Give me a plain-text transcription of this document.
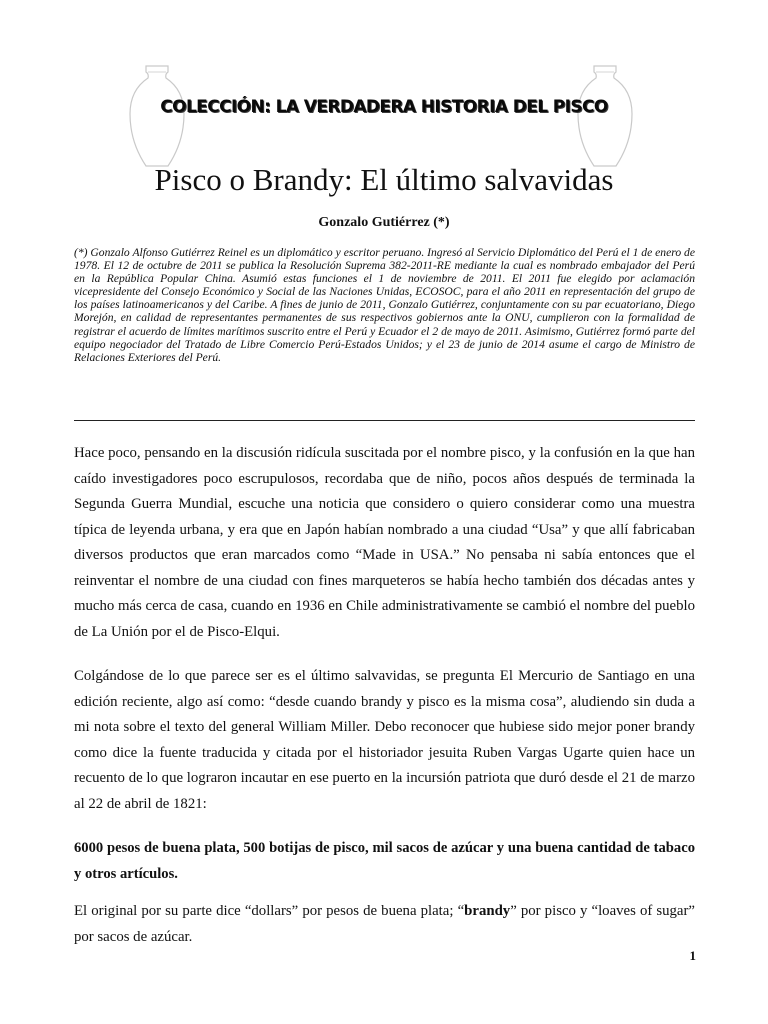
COLECCIÓN: LA VERDADERA HISTORIA DEL PISCO
Pisco o Brandy: El último salvavidas
Gonzalo Gutiérrez (*)
(*) Gonzalo Alfonso Gutiérrez Reinel es un diplomático y escritor peruano. Ingresó al Servicio Diplomático del Perú el 1 de enero de 1978. El 12 de octubre de 2011 se publica la Resolución Suprema 382-2011-RE mediante la cual es nombrado embajador del Perú en la República Popular China. Asumió estas funciones el 1 de noviembre de 2011. El 2011 fue elegido por aclamación vicepresidente del Consejo Económico y Social de las Naciones Unidas, ECOSOC, para el año 2011 en representación del grupo de los países latinoamericanos y del Caribe. A fines de junio de 2011, Gonzalo Gutiérrez, conjuntamente con su par ecuatoriano, Diego Morejón, en calidad de representantes permanentes de sus respectivos gobiernos ante la ONU, cumplieron con la formalidad de registrar el acuerdo de límites marítimos suscrito entre el Perú y Ecuador el 2 de mayo de 2011. Asimismo, Gutiérrez formó parte del equipo negociador del Tratado de Libre Comercio Perú-Estados Unidos; y el 23 de junio de 2014 asume el cargo de Ministro de Relaciones Exteriores del Perú.
Hace poco, pensando en la discusión ridícula suscitada por el nombre pisco, y la confusión en la que han caído investigadores poco escrupulosos, recordaba que de niño, pocos años después de terminada la Segunda Guerra Mundial, escuche una noticia que considero o quiero considerar como una muestra típica de leyenda urbana, y era que en Japón habían nombrado a una ciudad “Usa” y que allí fabricaban diversos productos que eran marcados como “Made in USA.” No pensaba ni sabía entonces que el reinventar el nombre de una ciudad con fines marqueteros se había hecho también dos décadas antes y mucho más cerca de casa, cuando en 1936 en Chile administrativamente se cambió el nombre del pueblo de La Unión por el de Pisco-Elqui.
Colgándose de lo que parece ser es el último salvavidas, se pregunta El Mercurio de Santiago en una edición reciente, algo así como: “desde cuando brandy y pisco es la misma cosa”, aludiendo sin duda a mi nota sobre el texto del general William Miller. Debo reconocer que hubiese sido mejor poner brandy como dice la fuente traducida y citada por el historiador jesuita Ruben Vargas Ugarte quien hace un recuento de lo que lograron incautar en ese puerto en la incursión patriota que duró desde el 21 de marzo al 22 de abril de 1821:
6000 pesos de buena plata, 500 botijas de pisco, mil sacos de azúcar y una buena cantidad de tabaco y otros artículos.
El original por su parte dice “dollars” por pesos de buena plata; “brandy” por pisco y “loaves of sugar” por sacos de azúcar.
1
